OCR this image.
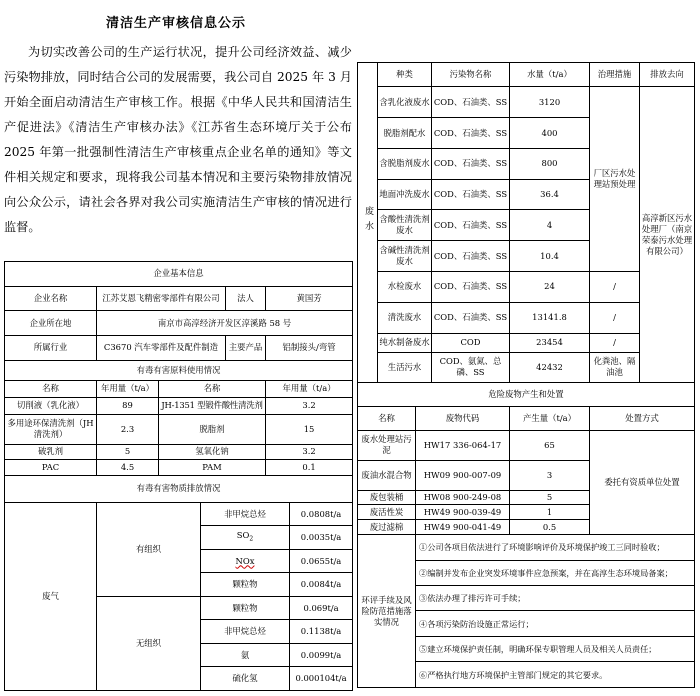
清洁生产审核信息公示
为切实改善公司的生产运行状况，提升公司经济效益、减少污染物排放，同时结合公司的发展需要，我公司自 2025 年 3 月开始全面启动清洁生产审核工作。根据《中华人民共和国清洁生产促进法》《清洁生产审核办法》《江苏省生态环境厅关于公布 2025 年第一批强制性清洁生产审核重点企业名单的通知》等文件相关规定和要求，现将我公司基本情况和主要污染物排放情况向公众公示，请社会各界对我公司实施清洁生产审核的情况进行监督。
企业基本信息						
企业名称	江苏艾恩飞精密零部件有限公司			法人	黄国芳	
企业所在地	南京市高淳经济开发区淳溪路 58 号					
所属行业	C3670 汽车零部件及配件制造			主要产品	铝制接头/弯管	
有毒有害原料使用情况						
名称	年用量（t/a）	名称			年用量（t/a）	
切削液（乳化液）	89	JH-1351 型锻件酸性清洗剂			3.2	
多用途环保清洗剂（JH 清洗剂）	2.3	脱脂剂			15	
破乳剂	5	氢氧化钠			3.2	
PAC	4.5	PAM			0.1	
有毒有害物质排放情况						
废气	有组织		非甲烷总烃			0.0808t/a
			$SO_2$			0.0035t/a
			NOx			0.0655t/a
			颗粒物			0.0084t/a
	无组织		颗粒物			0.069t/a
			非甲烷总烃			0.1138t/a
			氨			0.0099t/a
			硫化氢			0.000104t/a
废水	种类		污染物名称	水量（t/a）	治理措施	排放去向
	含乳化液废水		COD、石油类、SS	3120	厂区污水处理站预处理	高淳新区污水处理厂（南京荣泰污水处理有限公司）
	脱脂剂配水		COD、石油类、SS	400		
	含脱脂剂废水		COD、石油类、SS	800		
	地面冲洗废水		COD、石油类、SS	36.4		
	含酸性清洗剂废水		COD、石油类、SS	4		
	含碱性清洗剂废水		COD、石油类、SS	10.4		
	水检废水		COD、石油类、SS	24	/	
	清洗废水		COD、石油类、SS	13141.8	/	
	纯水制备废水		COD	23454	/	
	生活污水		COD、氨氮、总磷、SS	42432	化粪池、隔油池	
危险废物产生和处置						
名称		废物代码		产生量（t/a）	处置方式	
废水处理站污泥		HW17 336-064-17		65	委托有资质单位处置	
废油水混合物		HW09 900-007-09		3		
废包装桶		HW08 900-249-08		5		
废活性炭		HW49 900-039-49		1		
废过滤棉		HW49 900-041-49		0.5		
环评手续及风险防范措施落实情况		①公司各项目依法进行了环境影响评价及环境保护竣工三同时验收；				
		②编制并发布企业突发环境事件应急预案，并在高淳生态环境局备案；				
		③依法办理了排污许可手续；				
		④各项污染防治设施正常运行；				
		⑤建立环境保护责任制，明确环保专职管理人员及相关人员责任；				
		⑥严格执行地方环境保护主管部门规定的其它要求。				
